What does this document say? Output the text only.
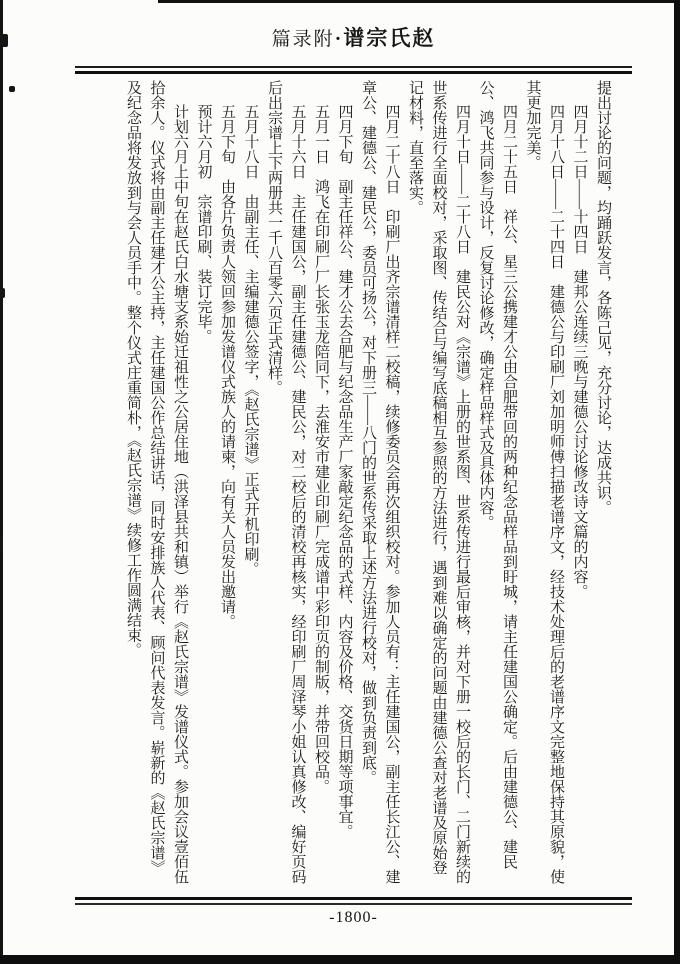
篇录附·谱宗氏赵

提出讨论的问题，均踊跃发言，各陈己见，充分讨论，达成共识。

四月十二日——十四日　建邦公连续三晚与建德公讨论修改诗文篇的内容。

四月十八日——二十四日　建德公与印刷厂刘加明师傅扫描老谱序文，经技术处理后的老谱序文完整地保持其原貌，使其更加完美。

四月二十五日　祥公、星三公携建才公由合肥带回的两种纪念品样品到盱城，请主任建国公确定。后由建德公、建民公、鸿飞共同参与设计，反复讨论修改，确定样品样式及具体内容。

四月十日——二十八日　建民公对《宗谱》上册的世系图、世系传进行最后审核，并对下册一校后的长门、二门新续的世系传进行全面校对，采取图、传结合与编写底稿相互参照的方法进行，遇到难以确定的问题由建德公查对老谱及原始登记材料，直至落实。

四月二十八日　印刷厂出齐宗谱清样二校稿，续修委员会再次组织校对。参加人员有：主任建国公，副主任长江公、建章公、建德公、建民公，委员可扬公，对下册三——八门的世系传采取上述方法进行校对，做到负责到底。

四月下旬　副主任祥公、建才公去合肥与纪念品生产厂家敲定纪念品的式样、内容及价格、交货日期等项事宜。

五月一日　鸿飞在印刷厂厂长张玉龙陪同下，去淮安市建业印刷厂完成谱中彩印页的制版，并带回校品。

五月十六日　主任建国公，副主任建德公、建民公，对二校后的清校再核实，经印刷厂周泽琴小姐认真修改、编好页码后出宗谱上下两册共一千八百零六页正式清样。

五月十八日　由副主任、主编建德公签字，《赵氏宗谱》正式开机印刷。

五月下旬　由各片负责人领回参加发谱仪式族人的请柬，向有关人员发出邀请。

预计六月初　宗谱印刷、装订完毕。

计划六月上中旬在赵氏白水塘支系始迁祖性之公居住地（洪泽县共和镇）举行《赵氏宗谱》发谱仪式。参加会议壹佰伍拾余人。仪式将由副主任建才公主持，主任建国公作总结讲话，同时安排族人代表、顾问代表发言。崭新的《赵氏宗谱》及纪念品将发放到与会人员手中。整个仪式庄重简朴，《赵氏宗谱》续修工作圆满结束。

-1800-
